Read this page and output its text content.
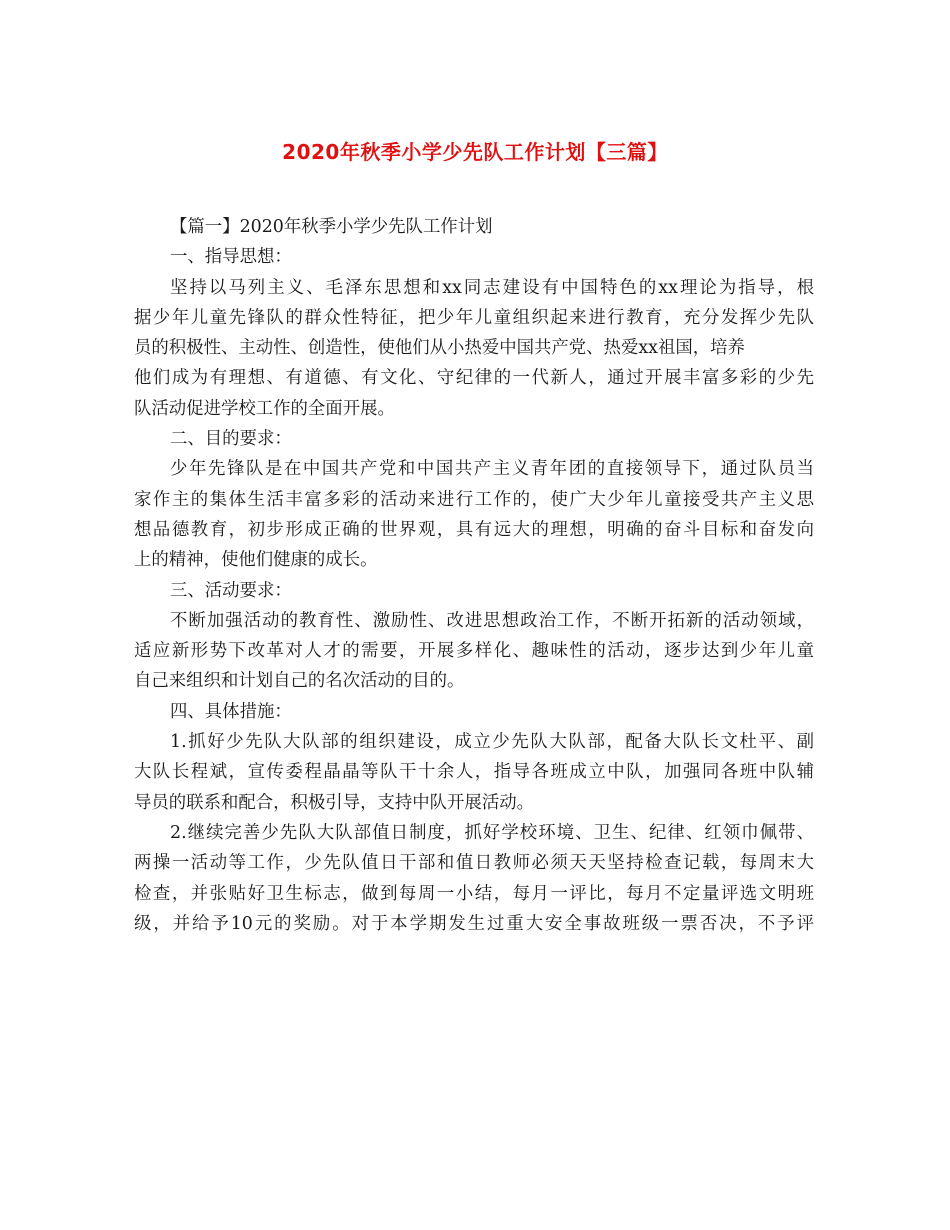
2020年秋季小学少先队工作计划【三篇】
【篇一】2020年秋季小学少先队工作计划
一、指导思想：
坚持以马列主义、毛泽东思想和xx同志建设有中国特色的xx理论为指导，根
据少年儿童先锋队的群众性特征，把少年儿童组织起来进行教育，充分发挥少先队
员的积极性、主动性、创造性，使他们从小热爱中国共产党、热爱xx祖国，培养
他们成为有理想、有道德、有文化、守纪律的一代新人，通过开展丰富多彩的少先
队活动促进学校工作的全面开展。
二、目的要求：
少年先锋队是在中国共产党和中国共产主义青年团的直接领导下，通过队员当
家作主的集体生活丰富多彩的活动来进行工作的，使广大少年儿童接受共产主义思
想品德教育，初步形成正确的世界观，具有远大的理想，明确的奋斗目标和奋发向
上的精神，使他们健康的成长。
三、活动要求：
不断加强活动的教育性、激励性、改进思想政治工作，不断开拓新的活动领域，
适应新形势下改革对人才的需要，开展多样化、趣味性的活动，逐步达到少年儿童
自己来组织和计划自己的名次活动的目的。
四、具体措施：
1.抓好少先队大队部的组织建设，成立少先队大队部，配备大队长文杜平、副
大队长程斌，宣传委程晶晶等队干十余人，指导各班成立中队，加强同各班中队辅
导员的联系和配合，积极引导，支持中队开展活动。
2.继续完善少先队大队部值日制度，抓好学校环境、卫生、纪律、红领巾佩带、
两操一活动等工作，少先队值日干部和值日教师必须天天坚持检查记载，每周末大
检查，并张贴好卫生标志，做到每周一小结，每月一评比，每月不定量评选文明班
级，并给予10元的奖励。对于本学期发生过重大安全事故班级一票否决，不予评
